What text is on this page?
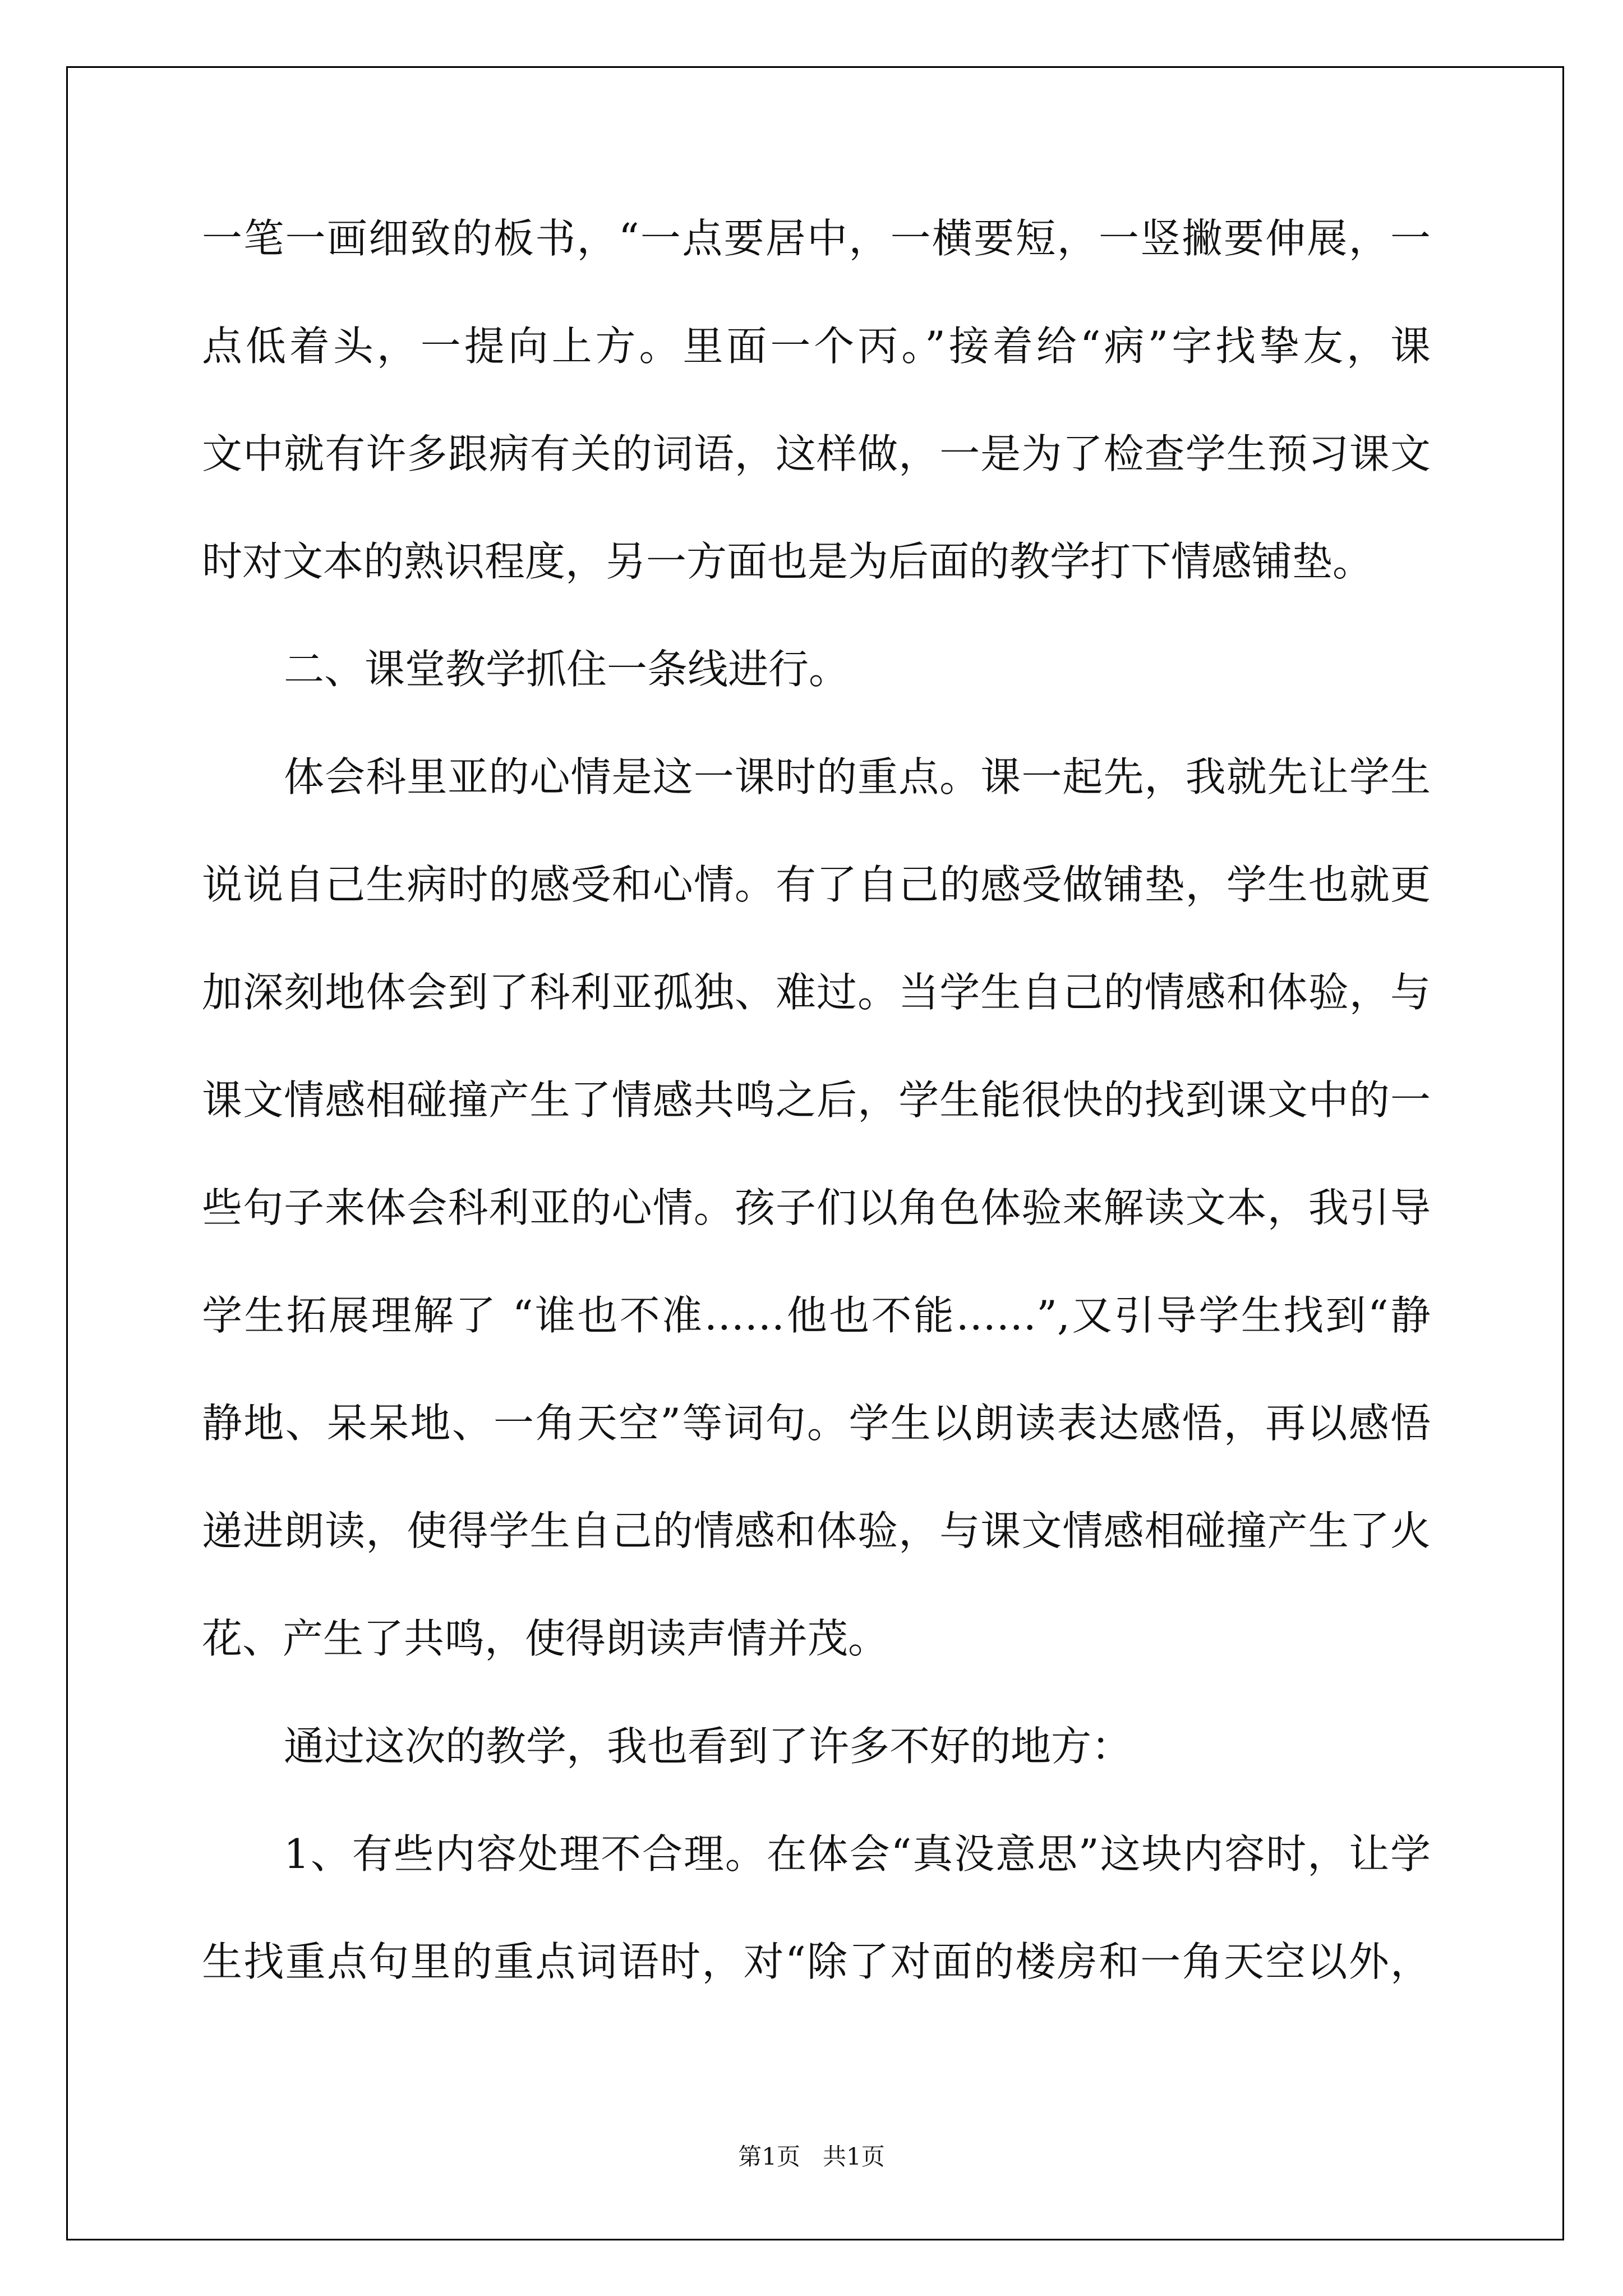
一笔一画细致的板书，“一点要居中，一横要短，一竖撇要伸展，一
点低着头，一提向上方。里面一个丙。”接着给“病”字找挚友，课
文中就有许多跟病有关的词语，这样做，一是为了检查学生预习课文
时对文本的熟识程度，另一方面也是为后面的教学打下情感铺垫。
二、课堂教学抓住一条线进行。
体会科里亚的心情是这一课时的重点。课一起先，我就先让学生
说说自己生病时的感受和心情。有了自己的感受做铺垫，学生也就更
加深刻地体会到了科利亚孤独、难过。当学生自己的情感和体验，与
课文情感相碰撞产生了情感共鸣之后，学生能很快的找到课文中的一
些句子来体会科利亚的心情。孩子们以角色体验来解读文本，我引导
学生拓展理解了 “谁也不准……他也不能……”,又引导学生找到“静
静地、呆呆地、一角天空”等词句。学生以朗读表达感悟，再以感悟
递进朗读，使得学生自己的情感和体验，与课文情感相碰撞产生了火
花、产生了共鸣，使得朗读声情并茂。
通过这次的教学，我也看到了许多不好的地方：
1、有些内容处理不合理。在体会“真没意思”这块内容时，让学
生找重点句里的重点词语时，对“除了对面的楼房和一角天空以外，
第1页 共1页
